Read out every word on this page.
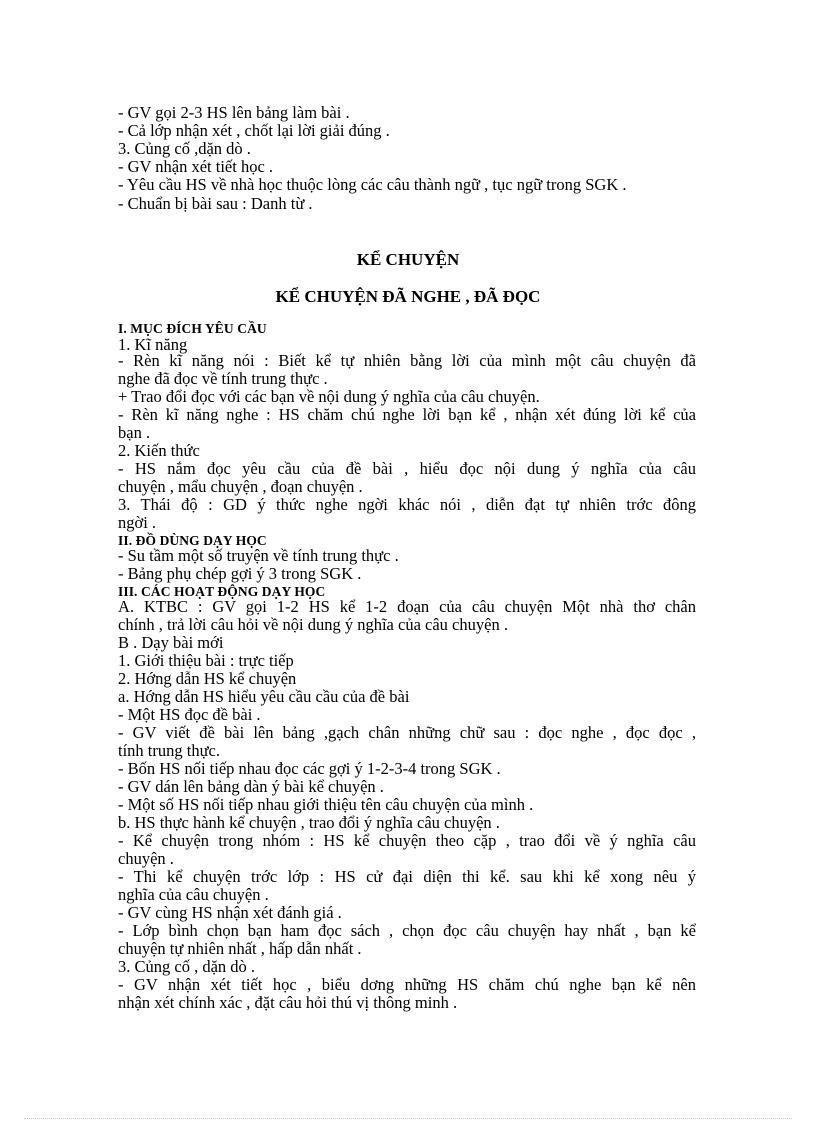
- GV gọi 2-3 HS lên bảng làm bài .
- Cả lớp nhận xét , chốt lại lời giải đúng .
3. Củng cố ,dặn dò .
- GV nhận xét tiết học .
- Yêu cầu HS về nhà học thuộc lòng các câu thành ngữ , tục ngữ trong SGK .
- Chuẩn bị bài sau : Danh từ .
KỂ CHUYỆN
KỂ CHUYỆN ĐÃ NGHE , ĐÃ ĐỌC
I. MỤC ĐÍCH YÊU CẦU
1. Kĩ năng
- Rèn kĩ năng nói : Biết kể tự nhiên bằng lời của mình một câu chuyện đã
nghe đã đọc về tính trung thực .
+ Trao đổi đọc với các bạn về nội dung ý nghĩa của câu chuyện.
- Rèn kĩ năng nghe : HS chăm chú nghe lời bạn kể , nhận xét đúng lời kể của
bạn .
2. Kiến thức
- HS nắm đọc yêu cầu của đề bài , hiểu đọc nội dung ý nghĩa của câu
chuyện , mẩu chuyện , đoạn chuyện .
3. Thái độ : GD ý thức nghe ngời khác nói , diễn đạt tự nhiên trớc đông
ngời .
II. ĐỒ DÙNG DẠY HỌC
- Su tầm một số truyện về tính trung thực .
- Bảng phụ chép gợi ý 3 trong SGK .
III. CÁC HOẠT ĐỘNG DẠY HỌC
A. KTBC : GV gọi 1-2 HS kể 1-2 đoạn của câu chuyện Một nhà thơ chân
chính , trả lời câu hỏi về nội dung ý nghĩa của câu chuyện .
B . Dạy bài mới
1. Giới thiệu bài : trực tiếp
2. Hớng dẫn HS kể chuyện
a. Hớng dẫn HS hiểu yêu cầu cầu của đề bài
- Một HS đọc đề bài .
- GV viết đề bài lên bảng ,gạch chân những chữ sau : đọc nghe , đọc đọc ,
tính trung thực.
- Bốn HS nối tiếp nhau đọc các gợi ý 1-2-3-4 trong SGK .
- GV dán lên bảng dàn ý bài kể chuyện .
- Một số HS nối tiếp nhau giới thiệu tên câu chuyện của mình .
b. HS thực hành kể chuyện , trao đổi ý nghĩa câu chuyện .
- Kể chuyện trong nhóm : HS kể chuyện theo cặp , trao đổi về ý nghĩa câu
chuyện .
- Thi kể chuyện trớc lớp : HS cử đại diện thi kể. sau khi kể xong nêu ý
nghĩa của câu chuyện .
- GV cùng HS nhận xét đánh giá .
- Lớp bình chọn bạn ham đọc sách , chọn đọc câu chuyện hay nhất , bạn kể
chuyện tự nhiên nhất , hấp dẫn nhất .
3. Củng cố , dặn dò .
- GV nhận xét tiết học , biểu dơng những HS chăm chú nghe bạn kể nên
nhận xét chính xác , đặt câu hỏi thú vị thông minh .
